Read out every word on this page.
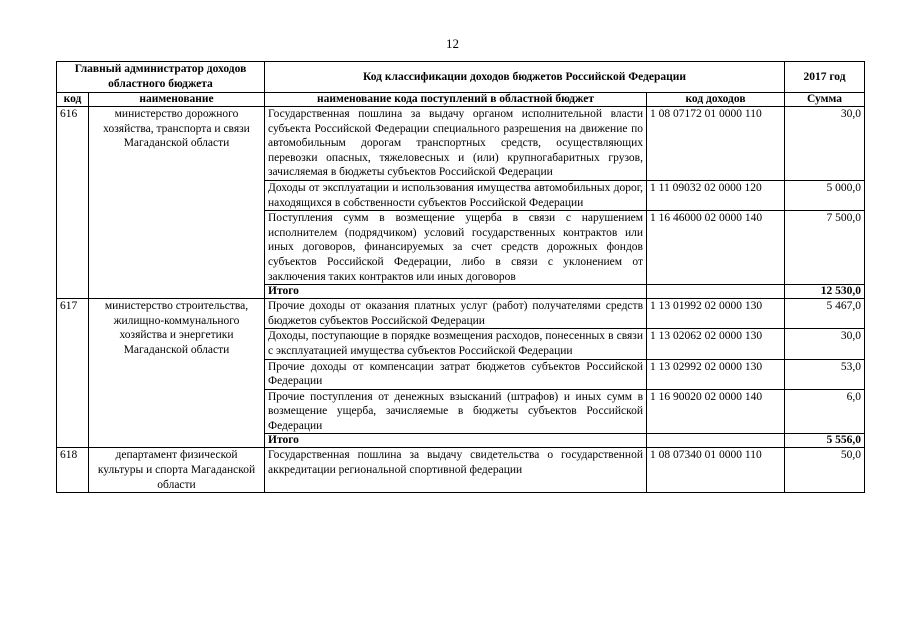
12
Главный администратор доходов областного бюджета		Код классификации доходов бюджетов Российской Федерации		2017 год
код	наименование	наименование кода поступлений в областной бюджет	код доходов	Сумма
616	министерство дорожного хозяйства, транспорта и связи Магаданской области	Государственная пошлина за выдачу органом исполнительной власти субъекта Российской Федерации специального разрешения на движение по автомобильным дорогам транспортных средств, осуществляющих перевозки опасных, тяжеловесных и (или) крупногабаритных грузов, зачисляемая в бюджеты субъектов Российской Федерации	1 08 07172 01 0000 110	30,0
		Доходы от эксплуатации и использования имущества автомобильных дорог, находящихся в собственности субъектов Российской Федерации	1 11 09032 02 0000 120	5 000,0
		Поступления сумм в возмещение ущерба в связи с нарушением исполнителем (подрядчиком) условий государственных контрактов или иных договоров, финансируемых за счет средств дорожных фондов субъектов Российской Федерации, либо в связи с уклонением от заключения таких контрактов или иных договоров	1 16 46000 02 0000 140	7 500,0
		Итого		12 530,0
617	министерство строительства, жилищно-коммунального хозяйства и энергетики Магаданской области	Прочие доходы от оказания платных услуг (работ) получателями средств бюджетов субъектов Российской Федерации	1 13 01992 02 0000 130	5 467,0
		Доходы, поступающие в порядке возмещения расходов, понесенных в связи с эксплуатацией имущества субъектов Российской Федерации	1 13 02062 02 0000 130	30,0
		Прочие доходы от компенсации затрат бюджетов субъектов Российской Федерации	1 13 02992 02 0000 130	53,0
		Прочие поступления от денежных взысканий (штрафов) и иных сумм в возмещение ущерба, зачисляемые в бюджеты субъектов Российской Федерации	1 16 90020 02 0000 140	6,0
		Итого		5 556,0
618	департамент физической культуры и спорта Магаданской области	Государственная пошлина за выдачу свидетельства о государственной аккредитации региональной спортивной федерации	1 08 07340 01 0000 110	50,0
